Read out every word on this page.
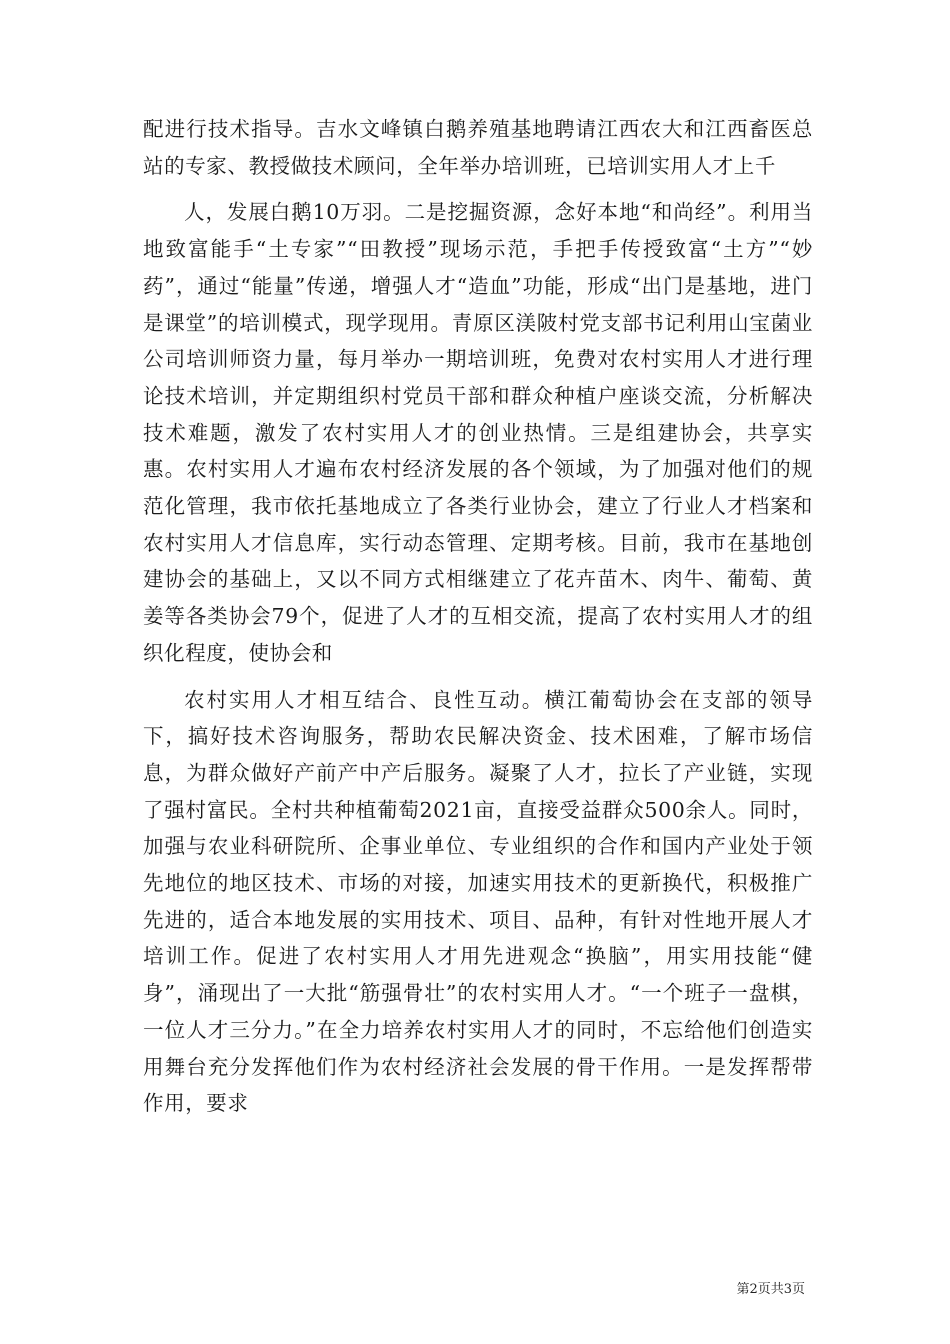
配进行技术指导。吉水文峰镇白鹅养殖基地聘请江西农大和江西畜医总站的专家、教授做技术顾问，全年举办培训班，已培训实用人才上千

人，发展白鹅10万羽。二是挖掘资源，念好本地“和尚经”。利用当地致富能手“土专家”“田教授”现场示范，手把手传授致富“土方”“妙药”，通过“能量”传递，增强人才“造血”功能，形成“出门是基地，进门是课堂”的培训模式，现学现用。青原区渼陂村党支部书记利用山宝菌业公司培训师资力量，每月举办一期培训班，免费对农村实用人才进行理论技术培训，并定期组织村党员干部和群众种植户座谈交流，分析解决技术难题，激发了农村实用人才的创业热情。三是组建协会，共享实惠。农村实用人才遍布农村经济发展的各个领域，为了加强对他们的规范化管理，我市依托基地成立了各类行业协会，建立了行业人才档案和农村实用人才信息库，实行动态管理、定期考核。目前，我市在基地创建协会的基础上，又以不同方式相继建立了花卉苗木、肉牛、葡萄、黄姜等各类协会79个，促进了人才的互相交流，提高了农村实用人才的组织化程度，使协会和

农村实用人才相互结合、良性互动。横江葡萄协会在支部的领导下，搞好技术咨询服务，帮助农民解决资金、技术困难，了解市场信息，为群众做好产前产中产后服务。凝聚了人才，拉长了产业链，实现了强村富民。全村共种植葡萄2021亩，直接受益群众500余人。同时，加强与农业科研院所、企事业单位、专业组织的合作和国内产业处于领先地位的地区技术、市场的对接，加速实用技术的更新换代，积极推广先进的，适合本地发展的实用技术、项目、品种，有针对性地开展人才培训工作。促进了农村实用人才用先进观念“换脑”，用实用技能“健身”，涌现出了一大批“筋强骨壮”的农村实用人才。“一个班子一盘棋，一位人才三分力。”在全力培养农村实用人才的同时，不忘给他们创造实用舞台充分发挥他们作为农村经济社会发展的骨干作用。一是发挥帮带作用，要求

第2页共3页
